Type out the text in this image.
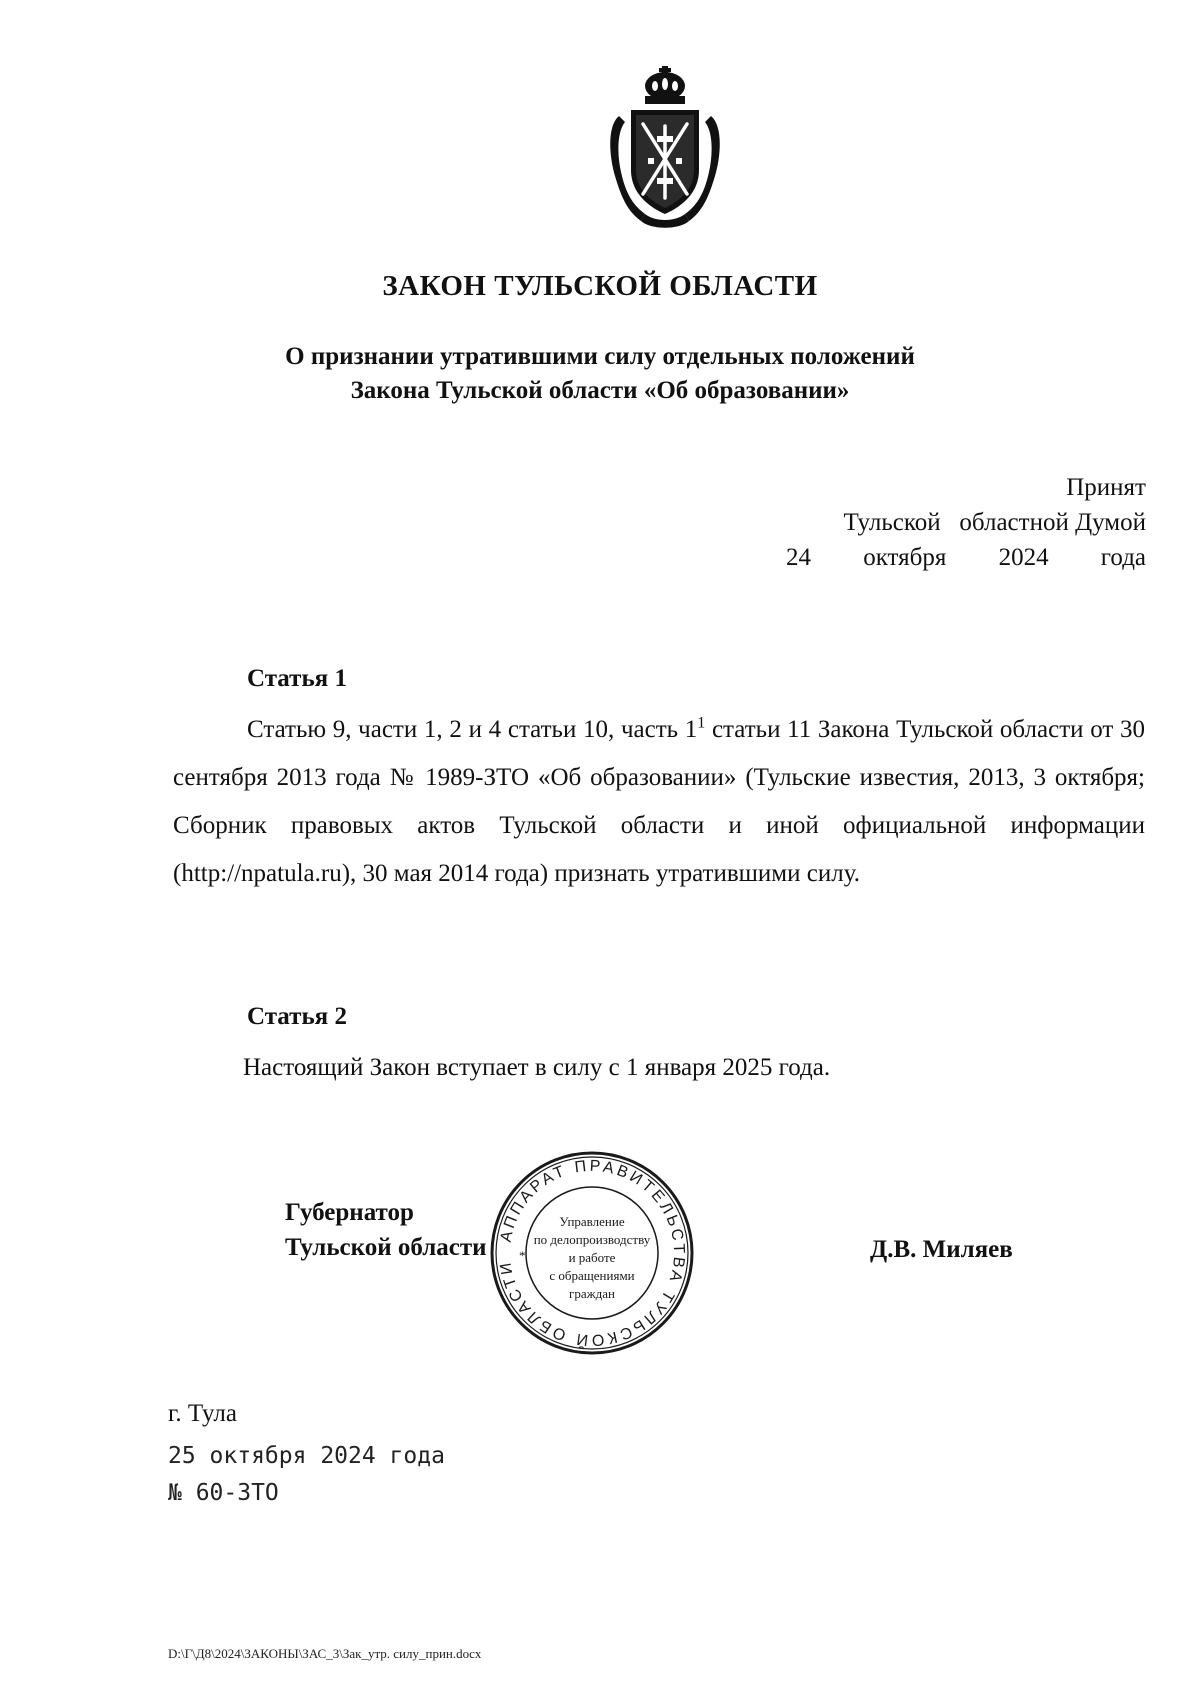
ЗАКОН ТУЛЬСКОЙ ОБЛАСТИ
О признании утратившими силу отдельных положений
Закона Тульской области «Об образовании»
Принят
Тульской   областной Думой
24 октября 2024 года
Статья 1

Статью 9, части 1, 2 и 4 статьи 10, часть $1^1$ статьи 11 Закона Тульской области от 30 сентября 2013 года № 1989-ЗТО «Об образовании» (Тульские известия, 2013, 3 октября; Сборник правовых актов Тульской области и иной официальной информации (http://npatula.ru), 30 мая 2014 года) признать утратившими силу.

Статья 2

Настоящий Закон вступает в силу с 1 января 2025 года.

Губернатор
Тульской области	Д.В. Миляев
АППАРАТ ПРАВИТЕЛЬСТВА ТУЛЬСКОЙ ОБЛАСТИ
*
Управление
по делопроизводству
и работе
с обращениями
граждан
г. Тула
25 октября 2024 года
№ 60-ЗТО
D:\Г\Д8\2024\ЗАКОНЫ\ЗАС_3\Зак_утр. силу_прин.docx
